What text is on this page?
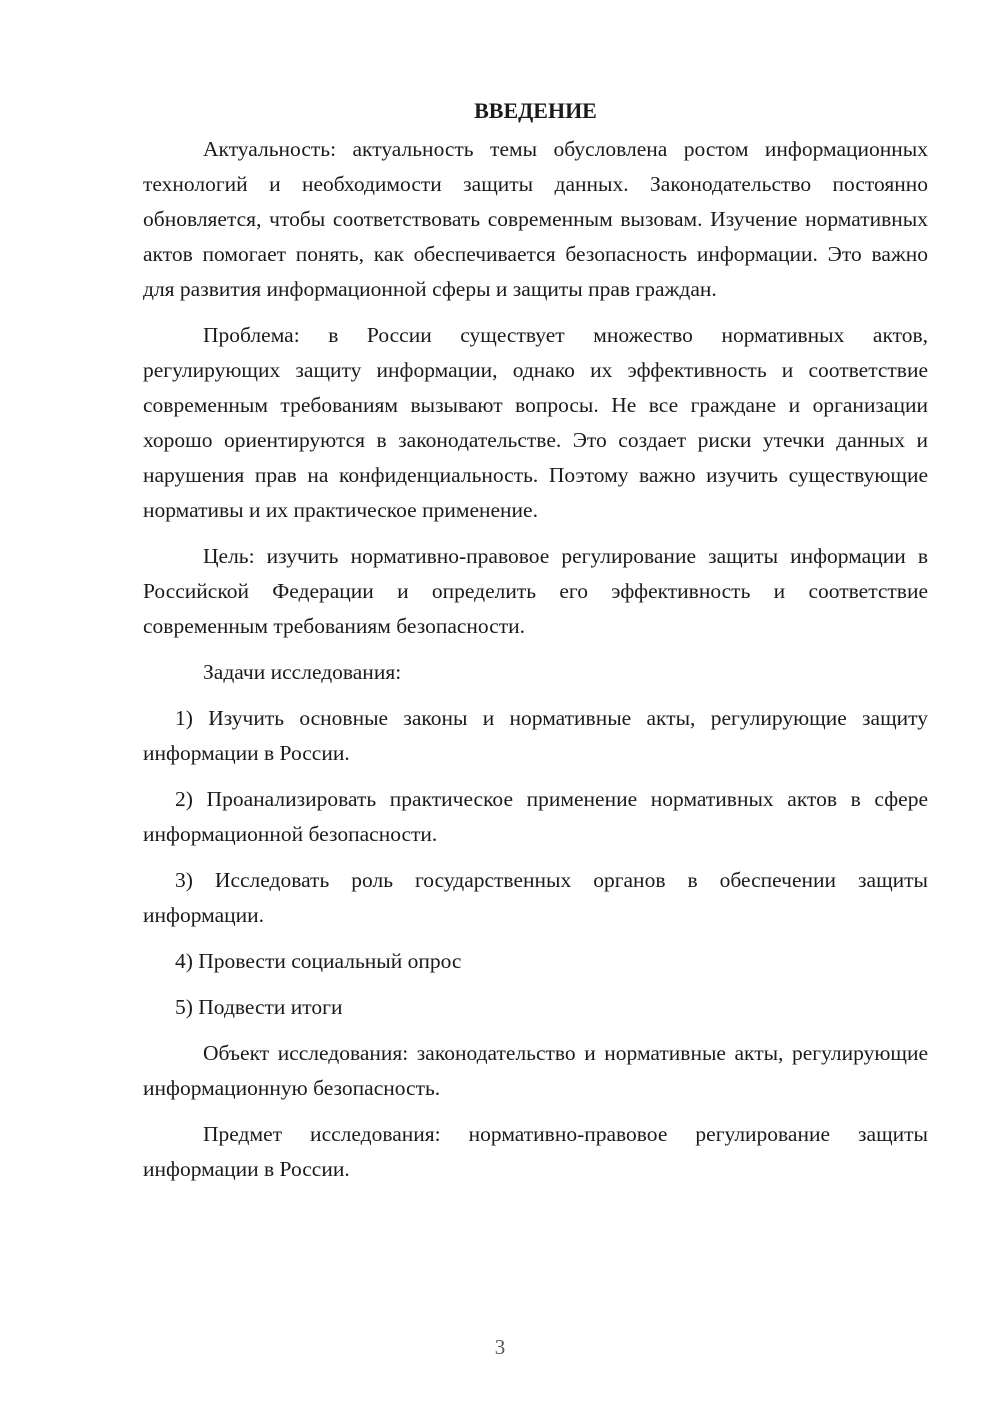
ВВЕДЕНИЕ

Актуальность: актуальность темы обусловлена ростом информационных технологий и необходимости защиты данных. Законодательство постоянно обновляется, чтобы соответствовать современным вызовам. Изучение нормативных актов помогает понять, как обеспечивается безопасность информации. Это важно для развития информационной сферы и защиты прав граждан.

Проблема: в России существует множество нормативных актов, регулирующих защиту информации, однако их эффективность и соответствие современным требованиям вызывают вопросы. Не все граждане и организации хорошо ориентируются в законодательстве. Это создает риски утечки данных и нарушения прав на конфиденциальность. Поэтому важно изучить существующие нормативы и их практическое применение.

Цель: изучить нормативно-правовое регулирование защиты информации в Российской Федерации и определить его эффективность и соответствие современным требованиям безопасности.

Задачи исследования:

1) Изучить основные законы и нормативные акты, регулирующие защиту информации в России.

2) Проанализировать практическое применение нормативных актов в сфере информационной безопасности.

3) Исследовать роль государственных органов в обеспечении защиты информации.

4) Провести социальный опрос

5) Подвести итоги

Объект исследования: законодательство и нормативные акты, регулирующие информационную безопасность.

Предмет исследования: нормативно-правовое регулирование защиты информации в России.

3
